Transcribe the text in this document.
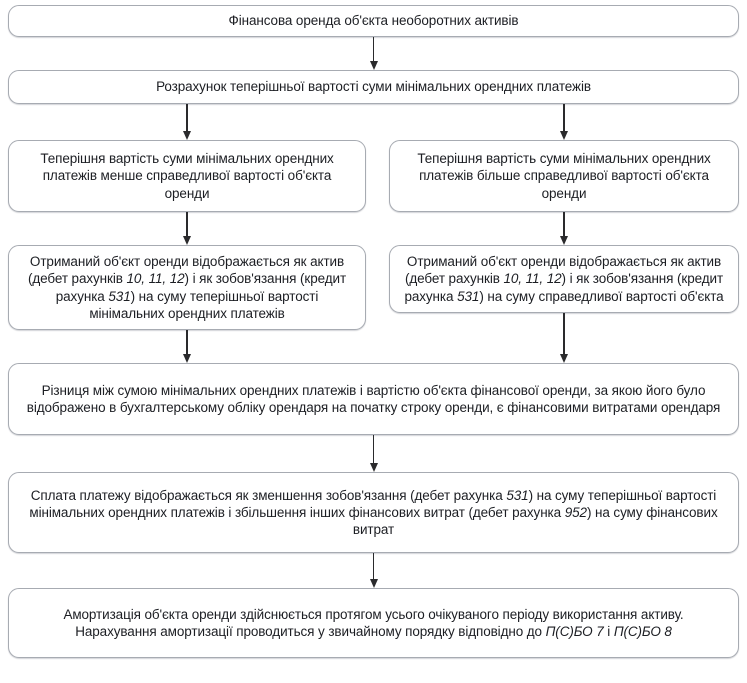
Фінансова оренда об'єкта необоротних активів
Розрахунок теперішньої вартості суми мінімальних орендних платежів
Теперішня вартість суми мінімальних орендних платежів менше справедливої вартості об'єкта оренди
Отриманий об'єкт оренди відображається як актив (дебет рахунків 10, 11, 12) і як зобов'язання (кредит рахунка 531) на суму теперішньої вартості мінімальних орендних платежів
Теперішня вартість суми мінімальних орендних платежів більше справедливої вартості об'єкта оренди
Отриманий об'єкт оренди відображається як актив (дебет рахунків 10, 11, 12) і як зобов'язання (кредит рахунка 531) на суму справедливої вартості об'єкта
Різниця між сумою мінімальних орендних платежів і вартістю об'єкта фінансової оренди, за якою його було відображено в бухгалтерському обліку орендаря на початку строку оренди, є фінансовими витратами орендаря
Сплата платежу відображається як зменшення зобов'язання (дебет рахунка 531) на суму теперішньої вартості мінімальних орендних платежів і збільшення інших фінансових витрат (дебет рахунка 952) на суму фінансових витрат
Амортизація об'єкта оренди здійснюється протягом усього очікуваного періоду використання активу.
Нарахування амортизації проводиться у звичайному порядку відповідно до П(С)БО 7 і П(С)БО 8
